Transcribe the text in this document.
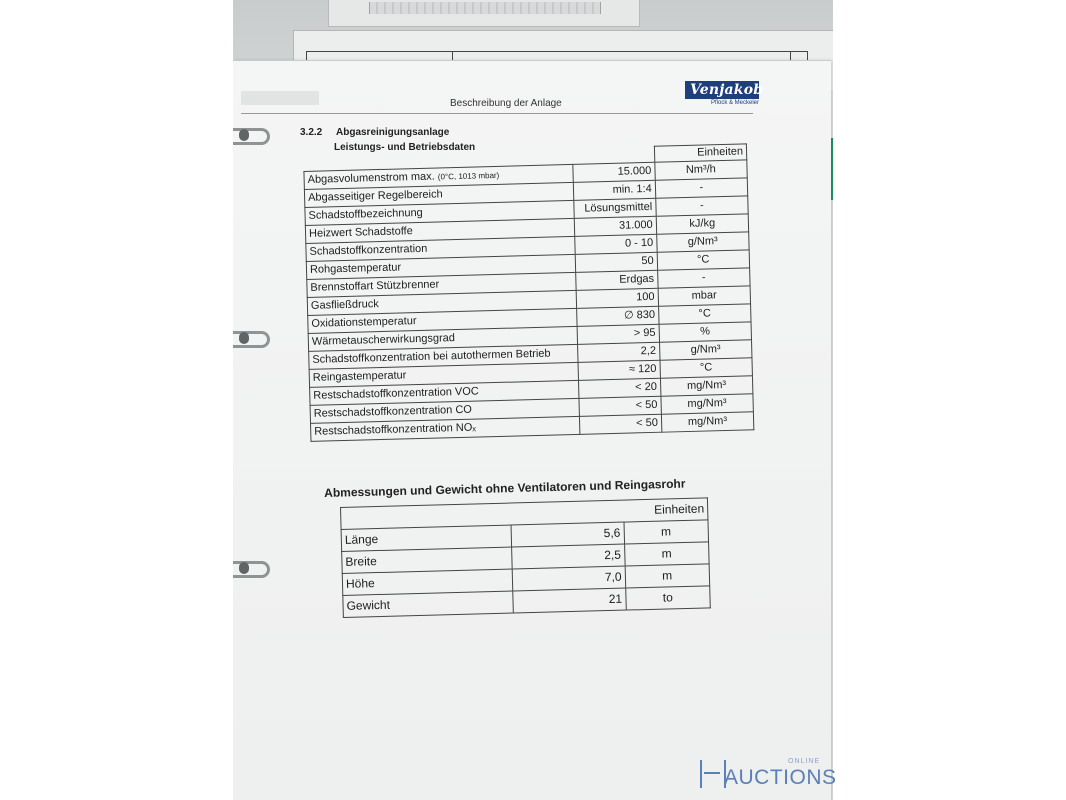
Beschreibung der Anlage
Venjakob
Pflock & Meckeler
3.2.2 Abgasreinigungsanlage
Leistungs- und Betriebsdaten
			Einheiten
Abgasvolumenstrom max. (0°C, 1013 mbar)	15.000	Nm³/h
Abgasseitiger Regelbereich	min. 1:4	-
Schadstoffbezeichnung	Lösungsmittel	-
Heizwert Schadstoffe	31.000	kJ/kg
Schadstoffkonzentration	0 - 10	g/Nm³
Rohgastemperatur	50	°C
Brennstoffart Stützbrenner	Erdgas	-
Gasfließdruck	100	mbar
Oxidationstemperatur	∅ 830	°C
Wärmetauscherwirkungsgrad	> 95	%
Schadstoffkonzentration bei autothermen Betrieb	2,2	g/Nm³
Reingastemperatur	≈ 120	°C
Restschadstoffkonzentration VOC	< 20	mg/Nm³
Restschadstoffkonzentration CO	< 50	mg/Nm³
Restschadstoffkonzentration NOₓ	< 50	mg/Nm³
Abmessungen und Gewicht ohne Ventilatoren und Reingasrohr
Einheiten		
Länge	5,6	m
Breite	2,5	m
Höhe	7,0	m
Gewicht	21	to
ONLINE
AUCTIONS
